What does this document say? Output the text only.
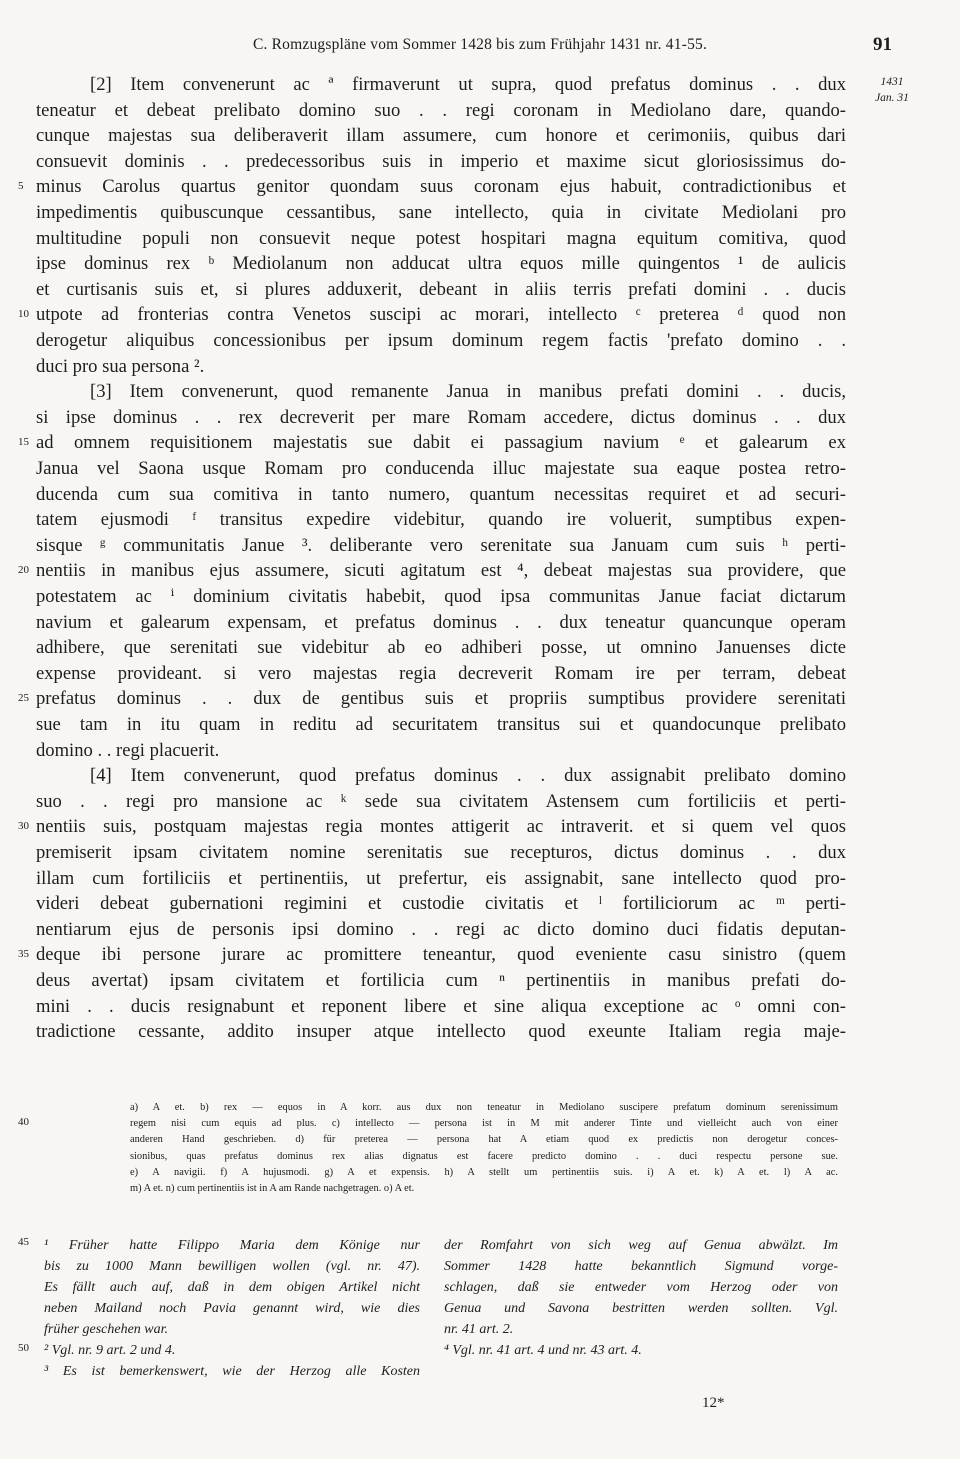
C. Romzugspläne vom Sommer 1428 bis zum Frühjahr 1431 nr. 41-55.	91
1431
Jan. 31
[2] Item convenerunt ac ª firmaverunt ut supra, quod prefatus dominus . . dux
teneatur et debeat prelibato domino suo . . regi coronam in Mediolano dare, quando-
cunque majestas sua deliberaverit illam assumere, cum honore et cerimoniis, quibus dari
consuevit dominis . . predecessoribus suis in imperio et maxime sicut gloriosissimus do-
minus Carolus quartus genitor quondam suus coronam ejus habuit, contradictionibus et
impedimentis quibuscunque cessantibus, sane intellecto, quia in civitate Mediolani pro
multitudine populi non consuevit neque potest hospitari magna equitum comitiva, quod
ipse dominus rex ᵇ Mediolanum non adducat ultra equos mille quingentos ¹ de aulicis
et curtisanis suis et, si plures adduxerit, debeant in aliis terris prefati domini . . ducis
utpote ad fronterias contra Venetos suscipi ac morari, intellecto ᶜ preterea ᵈ quod non
derogetur aliquibus concessionibus per ipsum dominum regem factis 'prefato domino . .
duci pro sua persona ².
[3] Item convenerunt, quod remanente Janua in manibus prefati domini . . ducis,
si ipse dominus . . rex decreverit per mare Romam accedere, dictus dominus . . dux
ad omnem requisitionem majestatis sue dabit ei passagium navium ᵉ et galearum ex
Janua vel Saona usque Romam pro conducenda illuc majestate sua eaque postea retro-
ducenda cum sua comitiva in tanto numero, quantum necessitas requiret et ad securi-
tatem ejusmodi ᶠ transitus expedire videbitur, quando ire voluerit, sumptibus expen-
sisque ᵍ communitatis Janue ³. deliberante vero serenitate sua Januam cum suis ʰ perti-
nentiis in manibus ejus assumere, sicuti agitatum est ⁴, debeat majestas sua providere, que
potestatem ac ⁱ dominium civitatis habebit, quod ipsa communitas Janue faciat dictarum
navium et galearum expensam, et prefatus dominus . . dux teneatur quancunque operam
adhibere, que serenitati sue videbitur ab eo adhiberi posse, ut omnino Januenses dicte
expense provideant. si vero majestas regia decreverit Romam ire per terram, debeat
prefatus dominus . . dux de gentibus suis et propriis sumptibus providere serenitati
sue tam in itu quam in reditu ad securitatem transitus sui et quandocunque prelibato
domino . . regi placuerit.
[4] Item convenerunt, quod prefatus dominus . . dux assignabit prelibato domino
suo . . regi pro mansione ac ᵏ sede sua civitatem Astensem cum fortiliciis et perti-
nentiis suis, postquam majestas regia montes attigerit ac intraverit. et si quem vel quos
premiserit ipsam civitatem nomine serenitatis sue recepturos, dictus dominus . . dux
illam cum fortiliciis et pertinentiis, ut prefertur, eis assignabit, sane intellecto quod pro-
videri debeat gubernationi regimini et custodie civitatis et ˡ fortiliciorum ac ᵐ perti-
nentiarum ejus de personis ipsi domino . . regi ac dicto domino duci fidatis deputan-
deque ibi persone jurare ac promittere teneantur, quod eveniente casu sinistro (quem
deus avertat) ipsam civitatem et fortilicia cum ⁿ pertinentiis in manibus prefati do-
mini . . ducis resignabunt et reponent libere et sine aliqua exceptione ac ᵒ omni con-
tradictione cessante, addito insuper atque intellecto quod exeunte Italiam regia maje-
5
10
15
20
25
30
35
40
45
50
a) A et. b) rex — equos in A korr. aus dux non teneatur in Mediolano suscipere prefatum dominum serenissimum
regem nisi cum equis ad plus. c) intellecto — persona ist in M mit anderer Tinte und vielleicht auch von einer
anderen Hand geschrieben. d) für preterea — persona hat A etiam quod ex predictis non derogetur conces-
sionibus, quas prefatus dominus rex alias dignatus est facere predicto domino . . duci respectu persone sue.
e) A navigii. f) A hujusmodi. g) A et expensis. h) A stellt um pertinentiis suis. i) A et. k) A et. l) A ac.
m) A et. n) cum pertinentiis ist in A am Rande nachgetragen. o) A et.
¹ Früher hatte Filippo Maria dem Könige nur
bis zu 1000 Mann bewilligen wollen (vgl. nr. 47).
Es fällt auch auf, daß in dem obigen Artikel nicht
neben Mailand noch Pavia genannt wird, wie dies
früher geschehen war.
² Vgl. nr. 9 art. 2 und 4.
³ Es ist bemerkenswert, wie der Herzog alle Kosten
der Romfahrt von sich weg auf Genua abwälzt. Im
Sommer 1428 hatte bekanntlich Sigmund vorge-
schlagen, daß sie entweder vom Herzog oder von
Genua und Savona bestritten werden sollten. Vgl.
nr. 41 art. 2.
⁴ Vgl. nr. 41 art. 4 und nr. 43 art. 4.
12*
